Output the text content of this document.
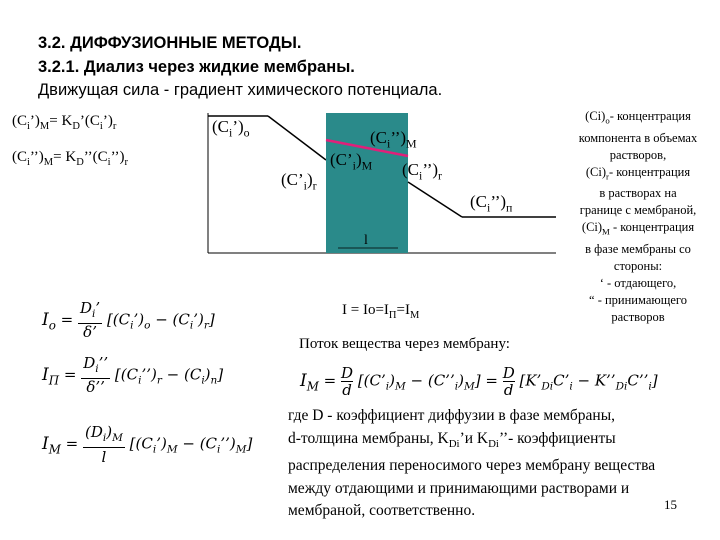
3.2. ДИФФУЗИОННЫЕ МЕТОДЫ.
3.2.1. Диализ через жидкие мембраны.
Движущая сила - градиент химического потенциала.
$(C_i’)_M=$ $K_D’(C_i’)_r$
$(C_i’’)_M=$ $K_D’’(C_i’’)_r$
$(C_i’)_o$
$(C’_i)_r$
$(C’_i)_M$
$(C_i’’)_M$
$(C_i’’)_r$
$(C_i’’)_п$
l
$(Ci)_o-$ концентрация
компонента в объемах
растворов,
$(Ci)_r-$ концентрация
в растворах на
границе с мембраной,
$(Ci)_M$ - концентрация
в фазе мембраны со
стороны:
‘ - отдающего,
“ - принимающего
растворов
$I = Io=I_П=I_M$
$I_o = \frac{D_i’}{\delta’}$ [$(C_i’)_o$ − $(C_i’)_r$]
$I_П = \frac{D_i’’}{\delta’’}$ $[(C_i’’)_r - (C_i)_п]$
Поток вещества через мембрану:
$I_M = \frac{D}{d}$ [$(C’_i)_M$ − $(C’’_i)_M] = \frac{D}{d}$ [$K’_{Di}C’_i$ − $K’’_{Di}C’’_i$]
$I_M = \frac{(D_i)_M}{l}$ [$(C_i’)_M$ − $(C_i’’)_M$]
где D - коэффициент диффузии в фазе мембраны,
d-толщина мембраны, $K_{Di}’и$ $K_{Di}’’-$ коэффициенты
распределения переносимого через мембрану вещества
между отдающими и принимающими растворами и
мембраной, соответственно.	15
